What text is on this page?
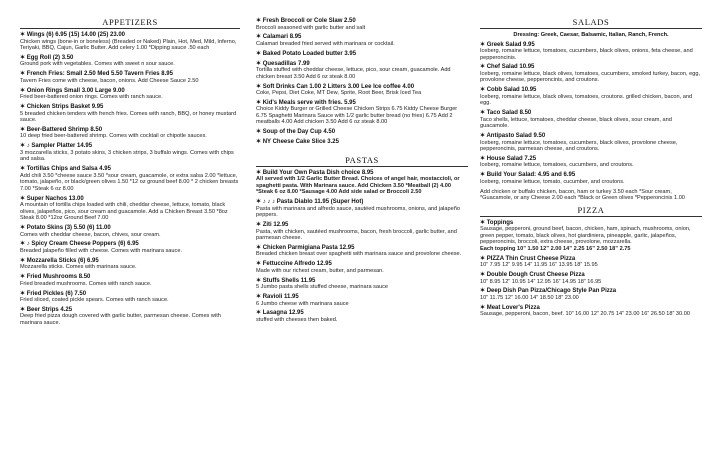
APPETIZERS
✶ Wings (6) 6.95 (15) 14.00 (25) 23.00
Chicken wings (bone-in or boneless) (Breaded or Naked) Plain, Hot, Med, Mild, Inferno, Teriyaki, BBQ, Cajun, Garlic Butter. Add celery 1.00 *Dipping sauce .50 each
✶ Egg Roll (2) 3.50
Ground pork with vegetables. Comes with sweet n sour sauce.
✶ French Fries: Small 2.50 Med 5.50 Tavern Fries 8.95
Tavern Fries come with cheese, bacon, onions. Add Cheese Sauce 2.50
✶ Onion Rings Small 3.00 Large 9.00
Fried beer-battered onion rings. Comes with ranch sauce.
✶ Chicken Strips Basket 9.95
5 breaded chicken tenders with french fries. Comes with ranch, BBQ, or honey mustard sauce.
✶ Beer-Battered Shrimp 8.50
10 deep fried beer-battered shrimp. Comes with cocktail or chipotle sauces.
✶ ♪ Sampler Platter 14.95
3 mozzarella sticks, 3 potato skins, 3 chicken strips, 3 buffalo wings. Comes with chips and salsa.
✶ Tortillas Chips and Salsa 4.95
Add chili 3.50 *cheese sauce 3.50 *sour cream, guacamole, or extra salsa 2.00 *lettuce, tomato, jalapeño, or black/green olives 1.50 *12 oz ground beef 8.00 * 2 chicken breasts 7.00 *Steak 6 oz 8.00
✶ Super Nachos 13.00
A mountain of tortilla chips loaded with chili, cheddar cheese, lettuce, tomato, black olives, jalapeños, pico, sour cream and guacamole. Add a Chicken Breast 3.50 *8oz Steak 8.00 *12oz Ground Beef 7.00
✶ Potato Skins (3) 5.50 (6) 11.00
Comes with cheddar cheese, bacon, chives, sour cream.
✶ ♪ Spicy Cream Cheese Poppers (6) 6.95
Breaded jalapeño filled with cheese. Comes with marinara sauce.
✶ Mozzarella Sticks (6) 6.95
Mozzarella sticks. Comes with marinara sauce.
✶ Fried Mushrooms 8.50
Fried breaded mushrooms. Comes with ranch sauce.
✶ Fried Pickles (6) 7.50
Fried sliced, coated pickle spears. Comes with ranch sauce.
✶ Beer Strips 4.25
Deep fried pizza dough covered with garlic butter, parmesan cheese. Comes with marinara sauce.
✶ Fresh Broccoli or Cole Slaw 2.50
Broccoli seasoned with garlic butter and salt
✶ Calamari 8.95
Calamari breaded fried served with marinara or cocktail.
✶ Baked Potato Loaded butter 3.95
✶ Quesadillas 7.99
Tortilla stuffed with cheddar cheese, lettuce, pico, sour cream, guacamole. Add chicken breast 3.50 Add 6 oz steak 8.00
✶ Soft Drinks Can 1.00 2 Litters 3.00 Lee Ice coffee 4.00
Coke, Pepsi, Diet Coke, MT Dew, Sprite, Root Beer, Brisk Iced Tea
✶ Kid's Meals serve with fries. 5.95
Choice Kiddy Burger or Grilled Cheese Chicken Strips 6.75 Kiddy Cheese Burger 6.75 Spaghetti Marinara Sauce with 1/2 garlic butter bread (no fries) 6.75 Add 2 meatballs 4.00 Add chicken 3.50 Add 6 oz steak 8.00
✶ Soup of the Day Cup 4.50
✶ NY Cheese Cake Slice 3.25
PASTAS
✶ Build Your Own Pasta Dish choice 8.95
All served with 1/2 Garlic Butter Bread. Choices of angel hair, mostaccioli, or spaghetti pasta. With Marinara sauce. Add Chicken 3.50 *Meatball (2) 4.00 *Steak 6 oz 8.00 *Sausage 4.00 Add side salad or Broccoli 2.50
✶ ♪ ♪ ♪ Pasta Diablo 11.95 (Super Hot)
Pasta with marinara and alfredo sauce, sautéed mushrooms, onions, and jalapeño peppers.
✶ Ziti 12.95
Pasta, with chicken, sautéed mushrooms, bacon, fresh broccoli, garlic butter, and parmesan cheese.
✶ Chicken Parmigiana Pasta 12.95
Breaded chicken breast over spaghetti with marinara sauce and provolone cheese.
✶ Fettuccine Alfredo 12.95
Made with our richest cream, butter, and parmesan.
✶ Stuffs Shells 11.95
5 Jumbo pasta shells stuffed cheese, marinara sauce
✶ Ravioli 11.95
6 Jumbo cheese with marinara sauce
✶ Lasagna 12.95
stuffed with cheeses then baked.
SALADS
Dressing: Greek, Caesar, Balsamic, Italian, Ranch, French.
✶ Greek Salad 9.95
Iceberg, romaine lettuce, tomatoes, cucumbers, black olives, onions, feta cheese, and pepperoncinis.
✶ Chef Salad 10.95
Iceberg, romaine lettuce, black olives, tomatoes, cucumbers, smoked turkey, bacon, egg, provolone cheese, pepperoncinis, and croutons.
✶ Cobb Salad 10.95
Iceberg, romaine lettuce, black olives, tomatoes, croutons. grilled chicken, bacon, and egg.
✶ Taco Salad 8.50
Taco shells, lettuce, tomatoes, cheddar cheese, black olives, sour cream, and guacamole.
✶ Antipasto Salad 9.50
Iceberg, romaine lettuce, tomatoes, cucumbers, black olives, provolone cheese, pepperoncinis, parmesan cheese, and croutons.
✶ House Salad 7.25
Iceberg, romaine lettuce, tomatoes, cucumbers, and croutons.
✶ Build Your Salad: 4.95 and 6.95
Iceberg, romaine lettuce, tomato, cucumber, and croutons.
Add chicken or buffalo chicken, bacon, ham or turkey 3.50 each *Sour cream, *Guacamole, or any Cheese 2.00 each *Black or Green olives *Pepperoncinis 1.00
PIZZA
✶ Toppings
Sausage, pepperoni, ground beef, bacon, chicken, ham, spinach, mushrooms, onion, green pepper, tomato, black olives, hot giardiniera, pineapple, garlic, jalapeños, pepperoncinis, broccoli, extra cheese, provolone, mozzarella.
Each topping 10” 1.50 12” 2.00 14” 2.25 16” 2.50 18” 2.75
✶ PIZZA Thin Crust Cheese Pizza
10” 7.95 12” 9.95 14” 11.95 16” 13.95 18” 15.95
✶ Double Dough Crust Cheese Pizza
10” 8.95 12” 10.95 14” 12.95 16” 14.95 18” 16.95
✶ Deep Dish Pan Pizza/Chicago Style Pan Pizza
10” 11.75 12” 16.00 14” 18.50 18” 23.00
✶ Meat Lover's Pizza
Sausage, pepperoni, bacon, beef. 10” 16.00 12” 20.75 14” 23.00 16” 26.50 18” 30.00
